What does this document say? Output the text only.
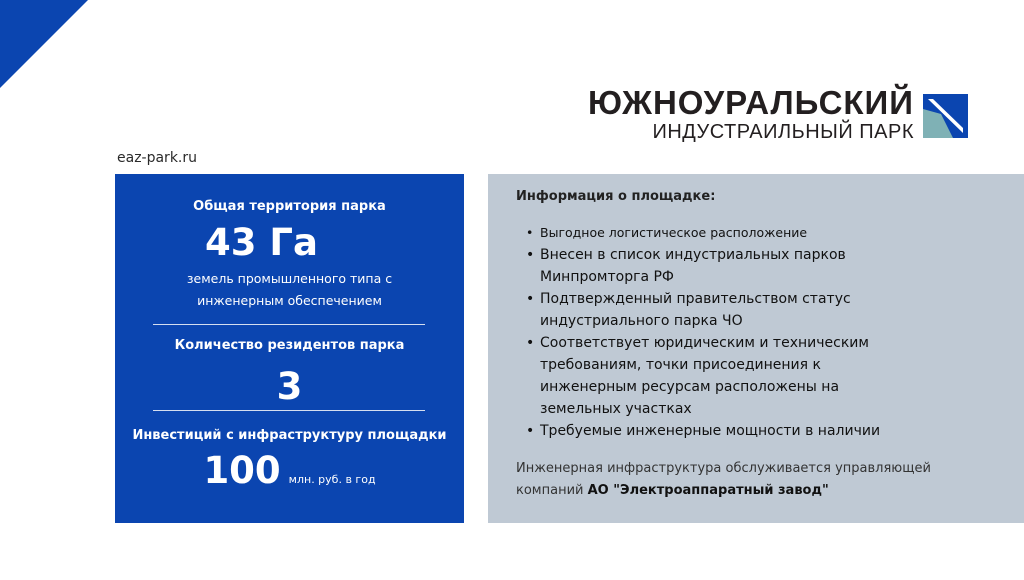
ЮЖНОУРАЛЬСКИЙ
ИНДУСТРАИЛЬНЫЙ ПАРК
eaz-park.ru
Общая территория парка
43 Га
земель промышленного типа с
инженерным обеспечением
Количество резидентов парка
3
Инвестиций с инфраструктуру площадки
100 млн. руб. в год
Информация о площадке:
• Выгодное логистическое расположение
• Внесен в список индустриальных парков
Минпромторга РФ
• Подтвержденный правительством статус
индустриального парка ЧО
• Соответствует юридическим и техническим
требованиям, точки присоединения к
инженерным ресурсам расположены на
земельных участках
• Требуемые инженерные мощности в наличии
Инженерная инфраструктура обслуживается управляющей
компаний АО "Электроаппаратный завод"
